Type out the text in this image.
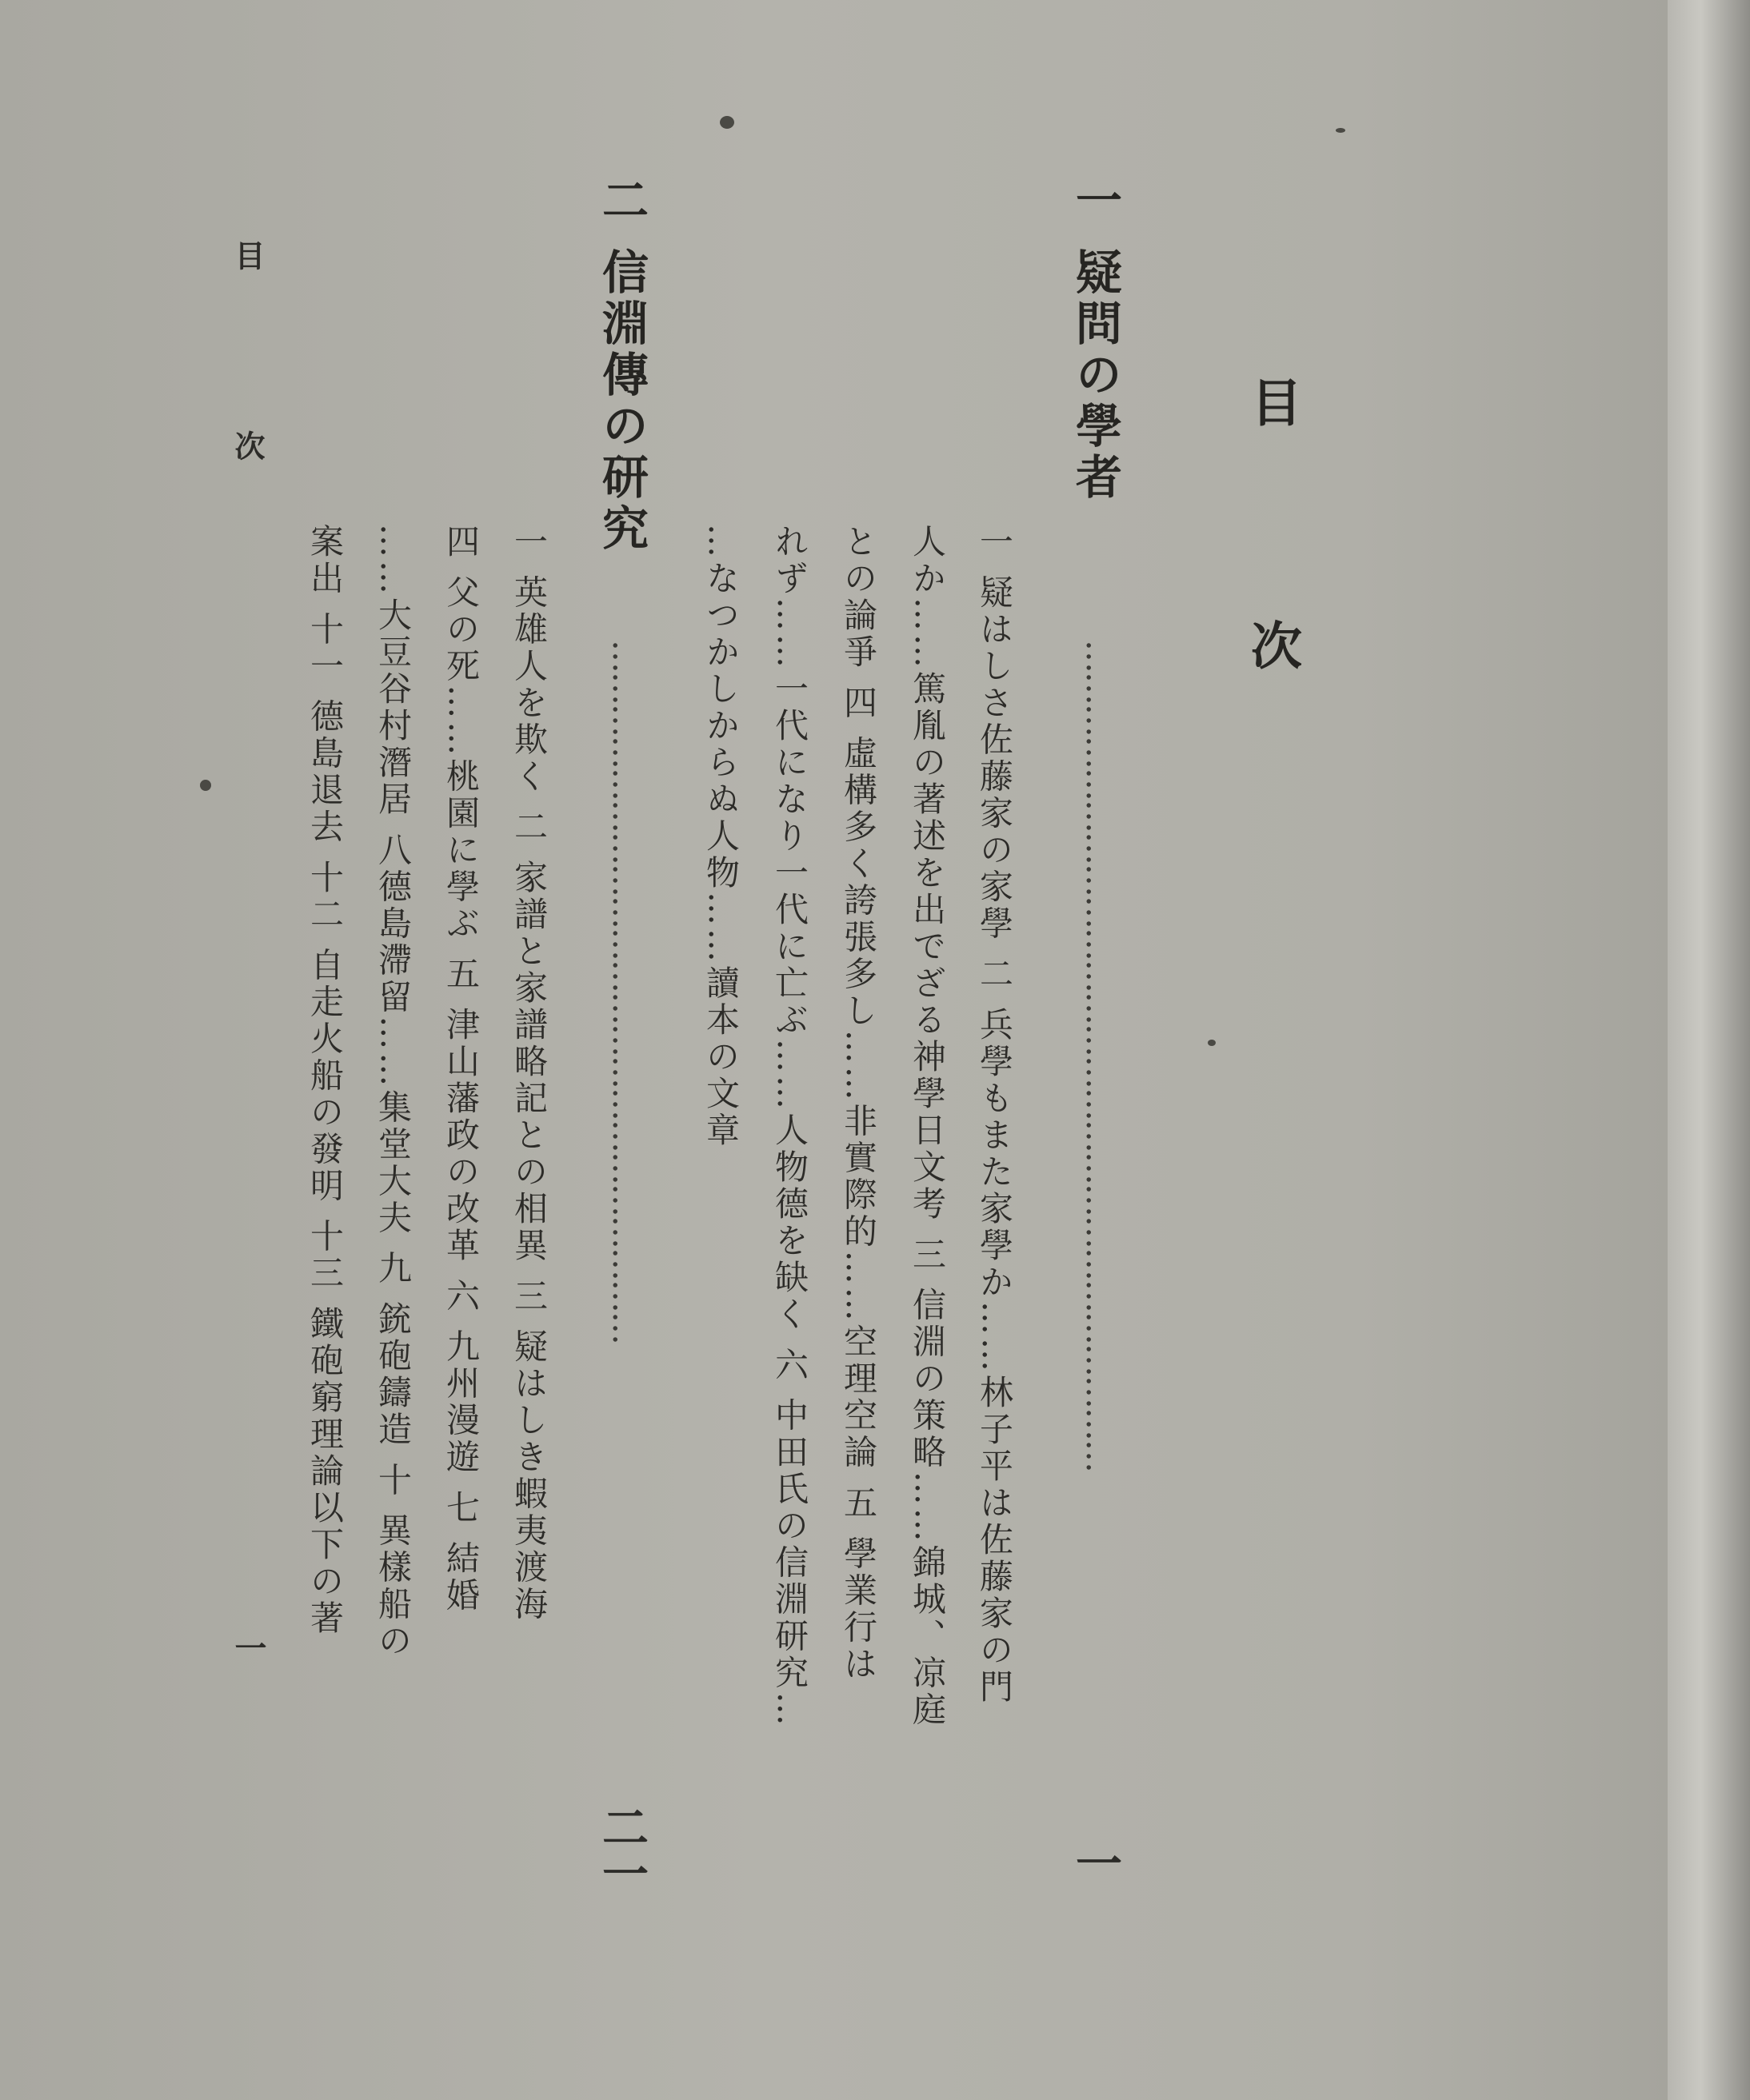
目次
一 疑問の學者
……………………………………………………………………
一
一 疑はしさ佐藤家の家學 二 兵學もまた家學か……林子平は佐藤家の門
人か……篤胤の著述を出でざる神學日文考 三 信淵の策略……錦城、凉庭
との論爭 四 虛構多く誇張多し……非實際的……空理空論 五 學業行は
れず……一代になり一代に亡ぶ……人物德を缺く 六 中田氏の信淵研究…
…なつかしからぬ人物……讀本の文章
二 信淵傳の研究
…………………………………………………………
二一
一 英雄人を欺く 二 家譜と家譜略記との相異 三 疑はしき蝦夷渡海
四 父の死……桃園に學ぶ 五 津山藩政の改革 六 九州漫遊 七 結婚
……大豆谷村潛居 八德島滯留……集堂大夫 九 銃砲鑄造 十 異樣船の
案出 十一 德島退去 十二 自走火船の發明 十三 鐵砲窮理論以下の著
目次
一
